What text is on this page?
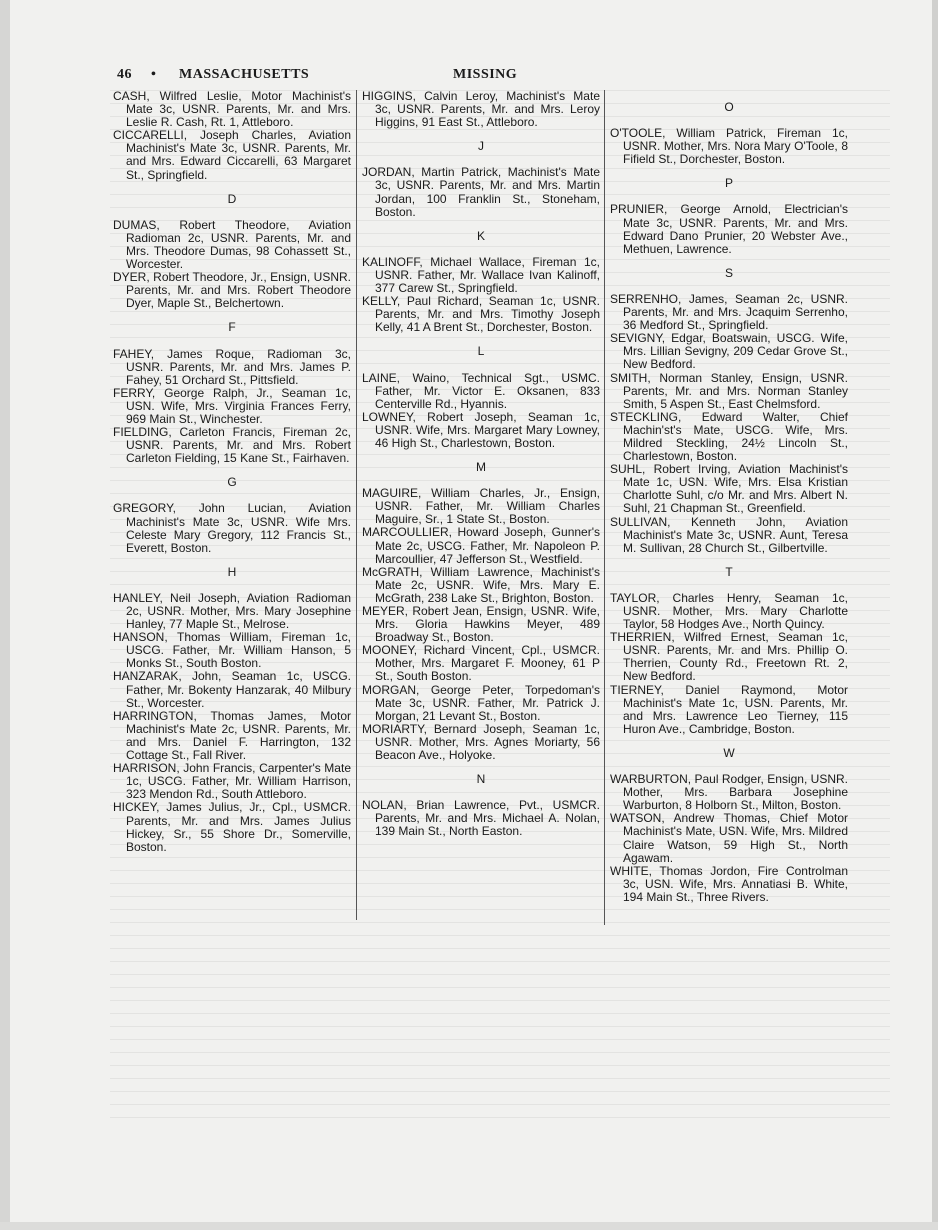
46 • MASSACHUSETTS	MISSING
CASH, Wilfred Leslie, Motor Machinist's Mate 3c, USNR. Parents, Mr. and Mrs. Leslie R. Cash, Rt. 1, Attleboro.
CICCARELLI, Joseph Charles, Aviation Machinist's Mate 3c, USNR. Parents, Mr. and Mrs. Edward Ciccarelli, 63 Margaret St., Springfield.
D
DUMAS, Robert Theodore, Aviation Radioman 2c, USNR. Parents, Mr. and Mrs. Theodore Dumas, 98 Cohassett St., Worcester.
DYER, Robert Theodore, Jr., Ensign, USNR. Parents, Mr. and Mrs. Robert Theodore Dyer, Maple St., Belchertown.
F
FAHEY, James Roque, Radioman 3c, USNR. Parents, Mr. and Mrs. James P. Fahey, 51 Orchard St., Pittsfield.
FERRY, George Ralph, Jr., Seaman 1c, USN. Wife, Mrs. Virginia Frances Ferry, 969 Main St., Winchester.
FIELDING, Carleton Francis, Fireman 2c, USNR. Parents, Mr. and Mrs. Robert Carleton Fielding, 15 Kane St., Fairhaven.
G
GREGORY, John Lucian, Aviation Machinist's Mate 3c, USNR. Wife Mrs. Celeste Mary Gregory, 112 Francis St., Everett, Boston.
H
HANLEY, Neil Joseph, Aviation Radioman 2c, USNR. Mother, Mrs. Mary Josephine Hanley, 77 Maple St., Melrose.
HANSON, Thomas William, Fireman 1c, USCG. Father, Mr. William Hanson, 5 Monks St., South Boston.
HANZARAK, John, Seaman 1c, USCG. Father, Mr. Bokenty Hanzarak, 40 Milbury St., Worcester.
HARRINGTON, Thomas James, Motor Machinist's Mate 2c, USNR. Parents, Mr. and Mrs. Daniel F. Harrington, 132 Cottage St., Fall River.
HARRISON, John Francis, Carpenter's Mate 1c, USCG. Father, Mr. William Harrison, 323 Mendon Rd., South Attleboro.
HICKEY, James Julius, Jr., Cpl., USMCR. Parents, Mr. and Mrs. James Julius Hickey, Sr., 55 Shore Dr., Somerville, Boston.
HIGGINS, Calvin Leroy, Machinist's Mate 3c, USNR. Parents, Mr. and Mrs. Leroy Higgins, 91 East St., Attleboro.
J
JORDAN, Martin Patrick, Machinist's Mate 3c, USNR. Parents, Mr. and Mrs. Martin Jordan, 100 Franklin St., Stoneham, Boston.
K
KALINOFF, Michael Wallace, Fireman 1c, USNR. Father, Mr. Wallace Ivan Kalinoff, 377 Carew St., Springfield.
KELLY, Paul Richard, Seaman 1c, USNR. Parents, Mr. and Mrs. Timothy Joseph Kelly, 41 A Brent St., Dorchester, Boston.
L
LAINE, Waino, Technical Sgt., USMC. Father, Mr. Victor E. Oksanen, 833 Centerville Rd., Hyannis.
LOWNEY, Robert Joseph, Seaman 1c, USNR. Wife, Mrs. Margaret Mary Lowney, 46 High St., Charlestown, Boston.
M
MAGUIRE, William Charles, Jr., Ensign, USNR. Father, Mr. William Charles Maguire, Sr., 1 State St., Boston.
MARCOULLIER, Howard Joseph, Gunner's Mate 2c, USCG. Father, Mr. Napoleon P. Marcoullier, 47 Jefferson St., Westfield.
McGRATH, William Lawrence, Machinist's Mate 2c, USNR. Wife, Mrs. Mary E. McGrath, 238 Lake St., Brighton, Boston.
MEYER, Robert Jean, Ensign, USNR. Wife, Mrs. Gloria Hawkins Meyer, 489 Broadway St., Boston.
MOONEY, Richard Vincent, Cpl., USMCR. Mother, Mrs. Margaret F. Mooney, 61 P St., South Boston.
MORGAN, George Peter, Torpedoman's Mate 3c, USNR. Father, Mr. Patrick J. Morgan, 21 Levant St., Boston.
MORIARTY, Bernard Joseph, Seaman 1c, USNR. Mother, Mrs. Agnes Moriarty, 56 Beacon Ave., Holyoke.
N
NOLAN, Brian Lawrence, Pvt., USMCR. Parents, Mr. and Mrs. Michael A. Nolan, 139 Main St., North Easton.
O
O'TOOLE, William Patrick, Fireman 1c, USNR. Mother, Mrs. Nora Mary O'Toole, 8 Fifield St., Dorchester, Boston.
P
PRUNIER, George Arnold, Electrician's Mate 3c, USNR. Parents, Mr. and Mrs. Edward Dano Prunier, 20 Webster Ave., Methuen, Lawrence.
S
SERRENHO, James, Seaman 2c, USNR. Parents, Mr. and Mrs. Jcaquim Serrenho, 36 Medford St., Springfield.
SEVIGNY, Edgar, Boatswain, USCG. Wife, Mrs. Lillian Sevigny, 209 Cedar Grove St., New Bedford.
SMITH, Norman Stanley, Ensign, USNR. Parents, Mr. and Mrs. Norman Stanley Smith, 5 Aspen St., East Chelmsford.
STECKLING, Edward Walter, Chief Machin'st's Mate, USCG. Wife, Mrs. Mildred Steckling, 24½ Lincoln St., Charlestown, Boston.
SUHL, Robert Irving, Aviation Machinist's Mate 1c, USN. Wife, Mrs. Elsa Kristian Charlotte Suhl, c/o Mr. and Mrs. Albert N. Suhl, 21 Chapman St., Greenfield.
SULLIVAN, Kenneth John, Aviation Machinist's Mate 3c, USNR. Aunt, Teresa M. Sullivan, 28 Church St., Gilbertville.
T
TAYLOR, Charles Henry, Seaman 1c, USNR. Mother, Mrs. Mary Charlotte Taylor, 58 Hodges Ave., North Quincy.
THERRIEN, Wilfred Ernest, Seaman 1c, USNR. Parents, Mr. and Mrs. Phillip O. Therrien, County Rd., Freetown Rt. 2, New Bedford.
TIERNEY, Daniel Raymond, Motor Machinist's Mate 1c, USN. Parents, Mr. and Mrs. Lawrence Leo Tierney, 115 Huron Ave., Cambridge, Boston.
W
WARBURTON, Paul Rodger, Ensign, USNR. Mother, Mrs. Barbara Josephine Warburton, 8 Holborn St., Milton, Boston.
WATSON, Andrew Thomas, Chief Motor Machinist's Mate, USN. Wife, Mrs. Mildred Claire Watson, 59 High St., North Agawam.
WHITE, Thomas Jordon, Fire Controlman 3c, USN. Wife, Mrs. Annatiasi B. White, 194 Main St., Three Rivers.
